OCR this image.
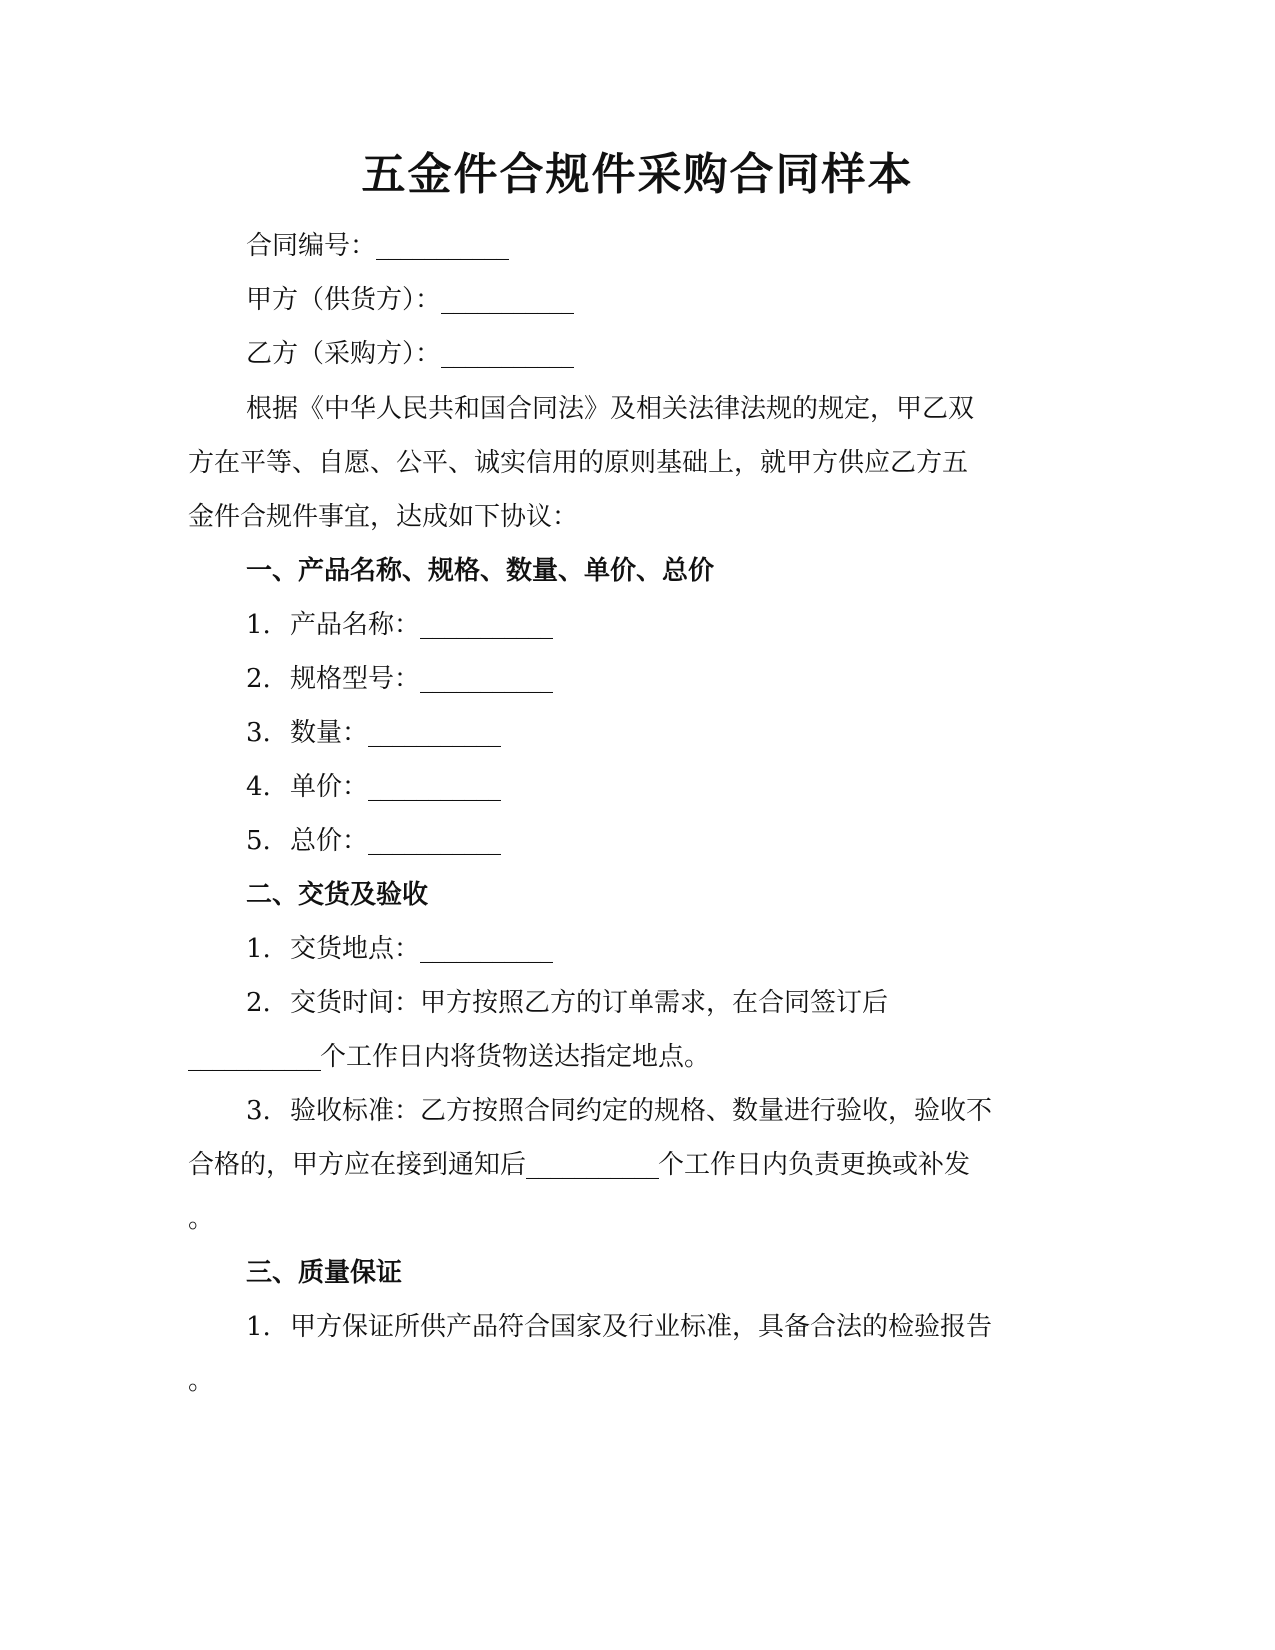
五金件合规件采购合同样本
合同编号：___________
甲方（供货方）：___________
乙方（采购方）：___________
根据《中华人民共和国合同法》及相关法律法规的规定，甲乙双
方在平等、自愿、公平、诚实信用的原则基础上，就甲方供应乙方五
金件合规件事宜，达成如下协议：
一、产品名称、规格、数量、单价、总价
1. 产品名称：___________
2. 规格型号：___________
3. 数量：___________
4. 单价：___________
5. 总价：___________
二、交货及验收
1. 交货地点：___________
2. 交货时间：甲方按照乙方的订单需求，在合同签订后
___________个工作日内将货物送达指定地点。
3. 验收标准：乙方按照合同约定的规格、数量进行验收，验收不
合格的，甲方应在接到通知后___________个工作日内负责更换或补发
。
三、质量保证
1. 甲方保证所供产品符合国家及行业标准，具备合法的检验报告
。
